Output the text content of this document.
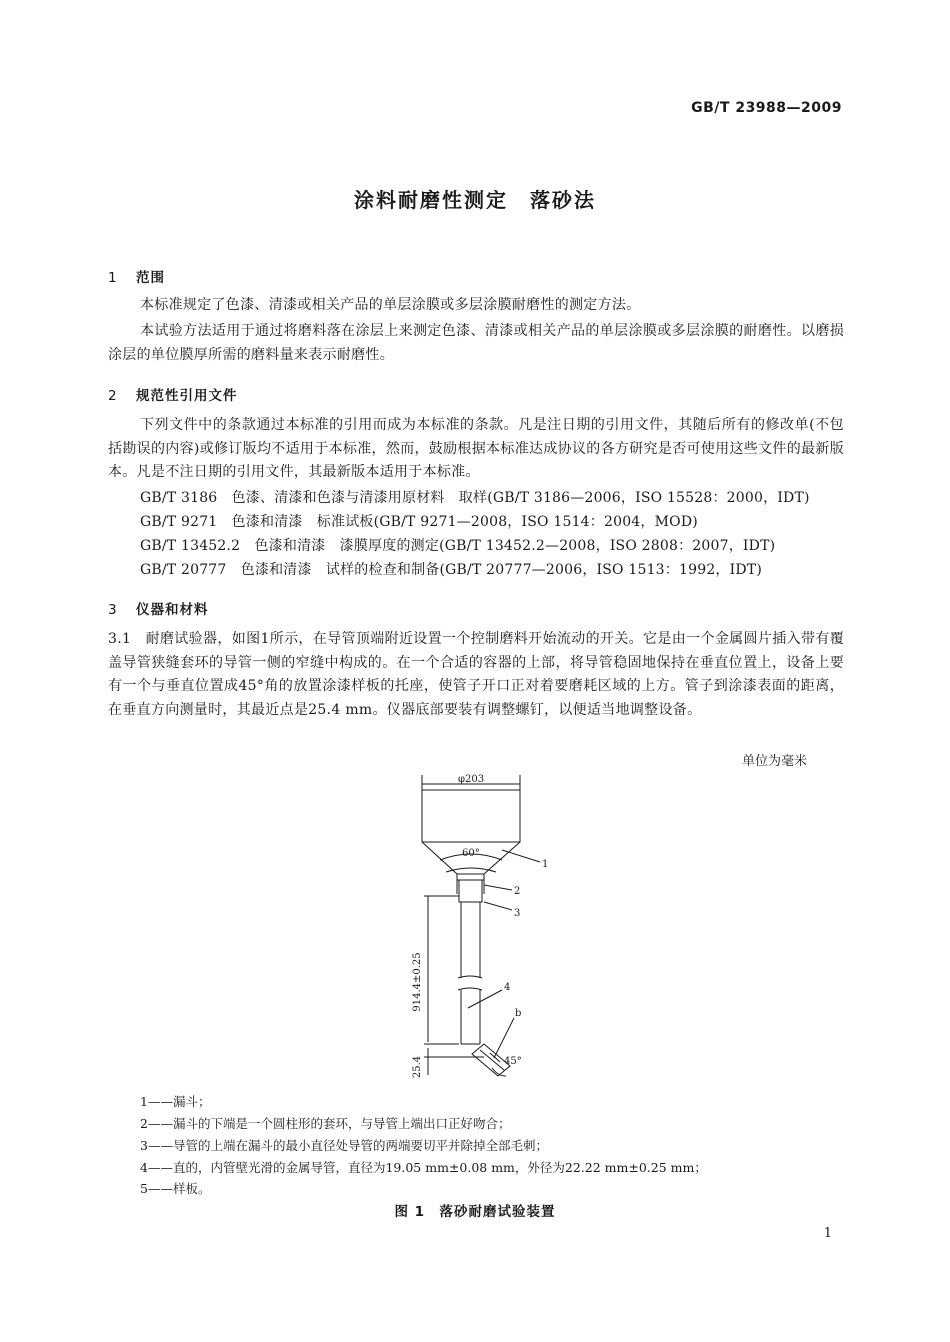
GB/T 23988—2009
涂料耐磨性测定　落砂法
1 范围
本标准规定了色漆、清漆或相关产品的单层涂膜或多层涂膜耐磨性的测定方法。
本试验方法适用于通过将磨料落在涂层上来测定色漆、清漆或相关产品的单层涂膜或多层涂膜的耐磨性。以磨损涂层的单位膜厚所需的磨料量来表示耐磨性。
2 规范性引用文件
下列文件中的条款通过本标准的引用而成为本标准的条款。凡是注日期的引用文件，其随后所有的修改单(不包括勘误的内容)或修订版均不适用于本标准，然而，鼓励根据本标准达成协议的各方研究是否可使用这些文件的最新版本。凡是不注日期的引用文件，其最新版本适用于本标准。
GB/T 3186　色漆、清漆和色漆与清漆用原材料　取样(GB/T 3186—2006，ISO 15528：2000，IDT)
GB/T 9271　色漆和清漆　标准试板(GB/T 9271—2008，ISO 1514：2004，MOD)
GB/T 13452.2　色漆和清漆　漆膜厚度的测定(GB/T 13452.2—2008，ISO 2808：2007，IDT)
GB/T 20777　色漆和清漆　试样的检查和制备(GB/T 20777—2006，ISO 1513：1992，IDT)
3 仪器和材料
3.1　耐磨试验器，如图1所示，在导管顶端附近设置一个控制磨料开始流动的开关。它是由一个金属圆片插入带有覆盖导管狭缝套环的导管一侧的窄缝中构成的。在一个合适的容器的上部，将导管稳固地保持在垂直位置上，设备上要有一个与垂直位置成45°角的放置涂漆样板的托座，使管子开口正对着要磨耗区域的上方。管子到涂漆表面的距离，在垂直方向测量时，其最近点是25.4 mm。仪器底部要装有调整螺钉，以便适当地调整设备。
单位为毫米
φ203
60°
914.4±0.25
25.4	45°
b
1
2
3
4
1——漏斗；
2——漏斗的下端是一个圆柱形的套环，与导管上端出口正好吻合；
3——导管的上端在漏斗的最小直径处导管的两端要切平并除掉全部毛刺；
4——直的，内管壁光滑的金属导管，直径为19.05 mm±0.08 mm，外径为22.22 mm±0.25 mm；
5——样板。
图 1　落砂耐磨试验装置
1
